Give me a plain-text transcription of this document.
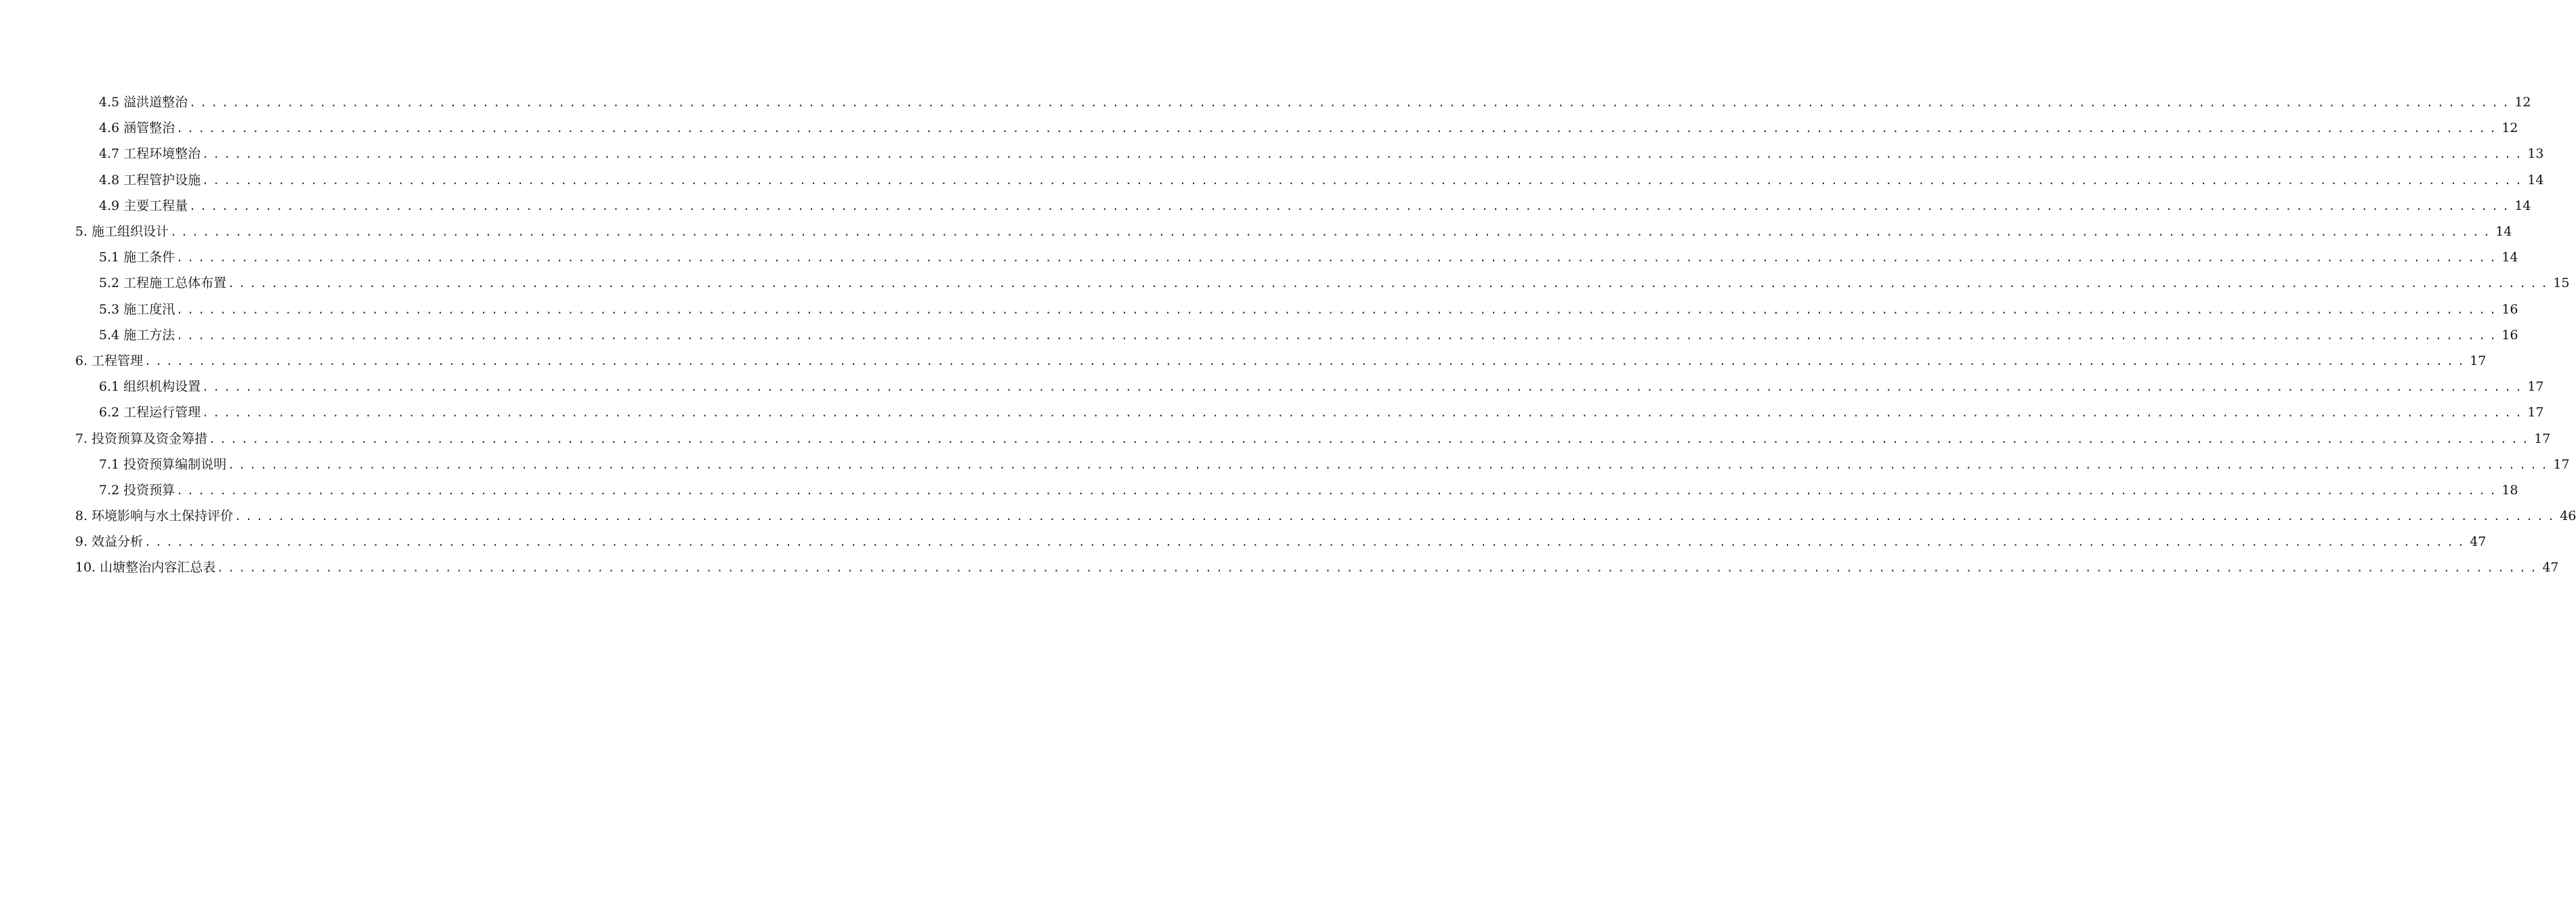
4.5 溢洪道整治 ...................................................................................................................................................................................................................... 12
4.6 涵管整治 ...................................................................................................................................................................................................................... 12
4.7 工程环境整治 ...................................................................................................................................................................................................................... 13
4.8 工程管护设施 ...................................................................................................................................................................................................................... 14
4.9 主要工程量 ...................................................................................................................................................................................................................... 14
5. 施工组织设计 ...................................................................................................................................................................................................................... 14
5.1 施工条件 ...................................................................................................................................................................................................................... 14
5.2 工程施工总体布置 ...................................................................................................................................................................................................................... 15
5.3 施工度汛 ...................................................................................................................................................................................................................... 16
5.4 施工方法 ...................................................................................................................................................................................................................... 16
6. 工程管理 ...................................................................................................................................................................................................................... 17
6.1 组织机构设置 ...................................................................................................................................................................................................................... 17
6.2 工程运行管理 ...................................................................................................................................................................................................................... 17
7. 投资预算及资金筹措 ...................................................................................................................................................................................................................... 17
7.1 投资预算编制说明 ...................................................................................................................................................................................................................... 17
7.2 投资预算 ...................................................................................................................................................................................................................... 18
8. 环境影响与水土保持评价 ...................................................................................................................................................................................................................... 46
9. 效益分析 ...................................................................................................................................................................................................................... 47
10. 山塘整治内容汇总表 ...................................................................................................................................................................................................................... 47
